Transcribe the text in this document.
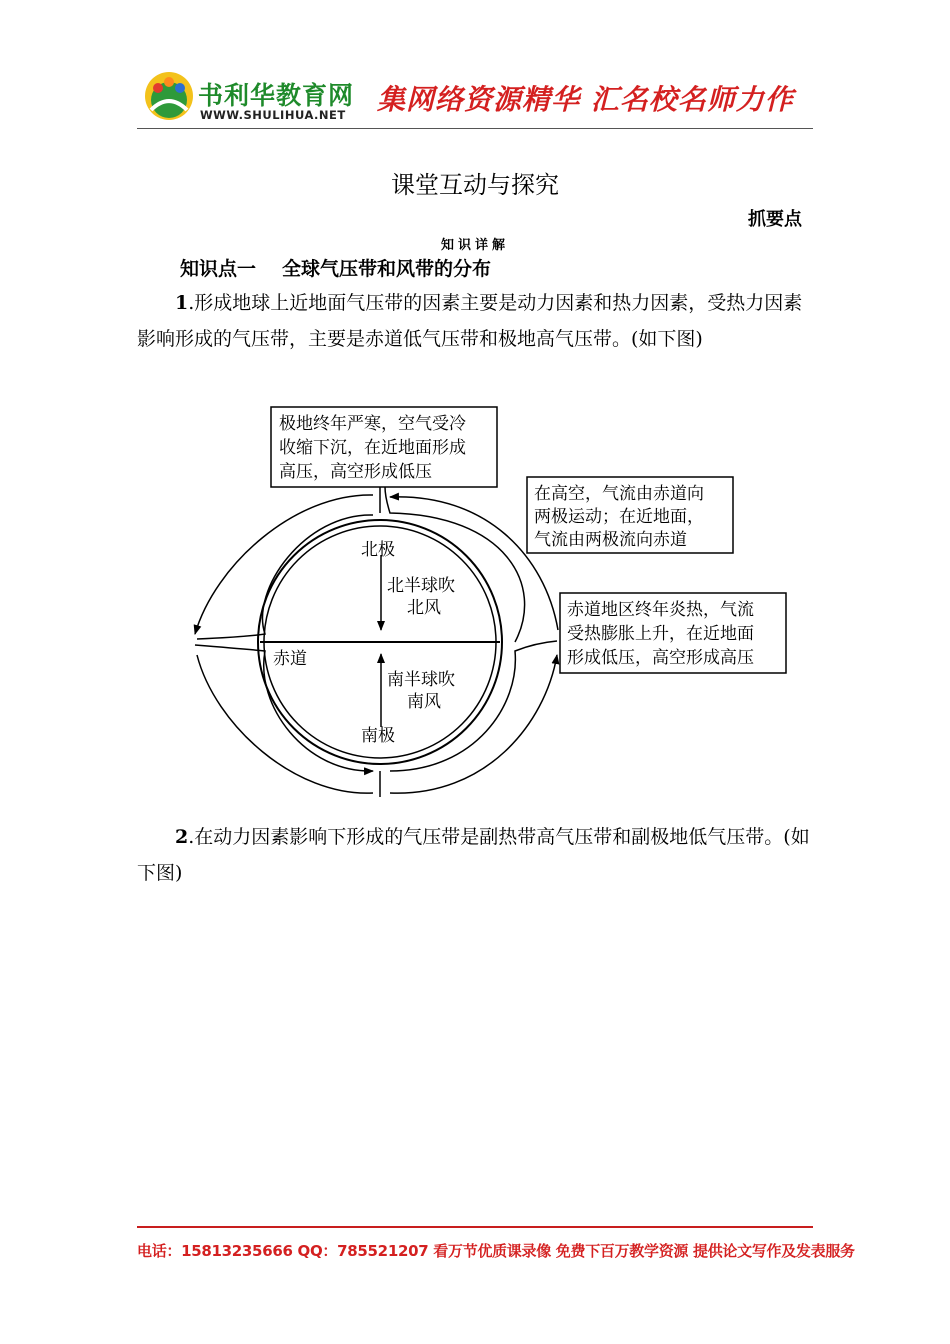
书利华教育网
WWW.SHULIHUA.NET 集网络资源精华 汇名校名师力作
课堂互动与探究
抓要点
知识详解
知识点一 全球气压带和风带的分布

1.形成地球上近地面气压带的因素主要是动力因素和热力因素，受热力因素影响形成的气压带，主要是赤道低气压带和极地高气压带。(如下图)

极地终年严寒，空气受冷
收缩下沉，在近地面形成
高压，高空形成低压
在高空，气流由赤道向
两极运动；在近地面，
气流由两极流向赤道
赤道地区终年炎热，气流
受热膨胀上升，在近地面
形成低压，高空形成高压
北极
南极
赤道
北半球吹
北风
南半球吹
南风

2.在动力因素影响下形成的气压带是副热带高气压带和副极地低气压带。(如下图)

电话：15813235666 QQ：785521207 看万节优质课录像 免费下百万教学资源 提供论文写作及发表服务
